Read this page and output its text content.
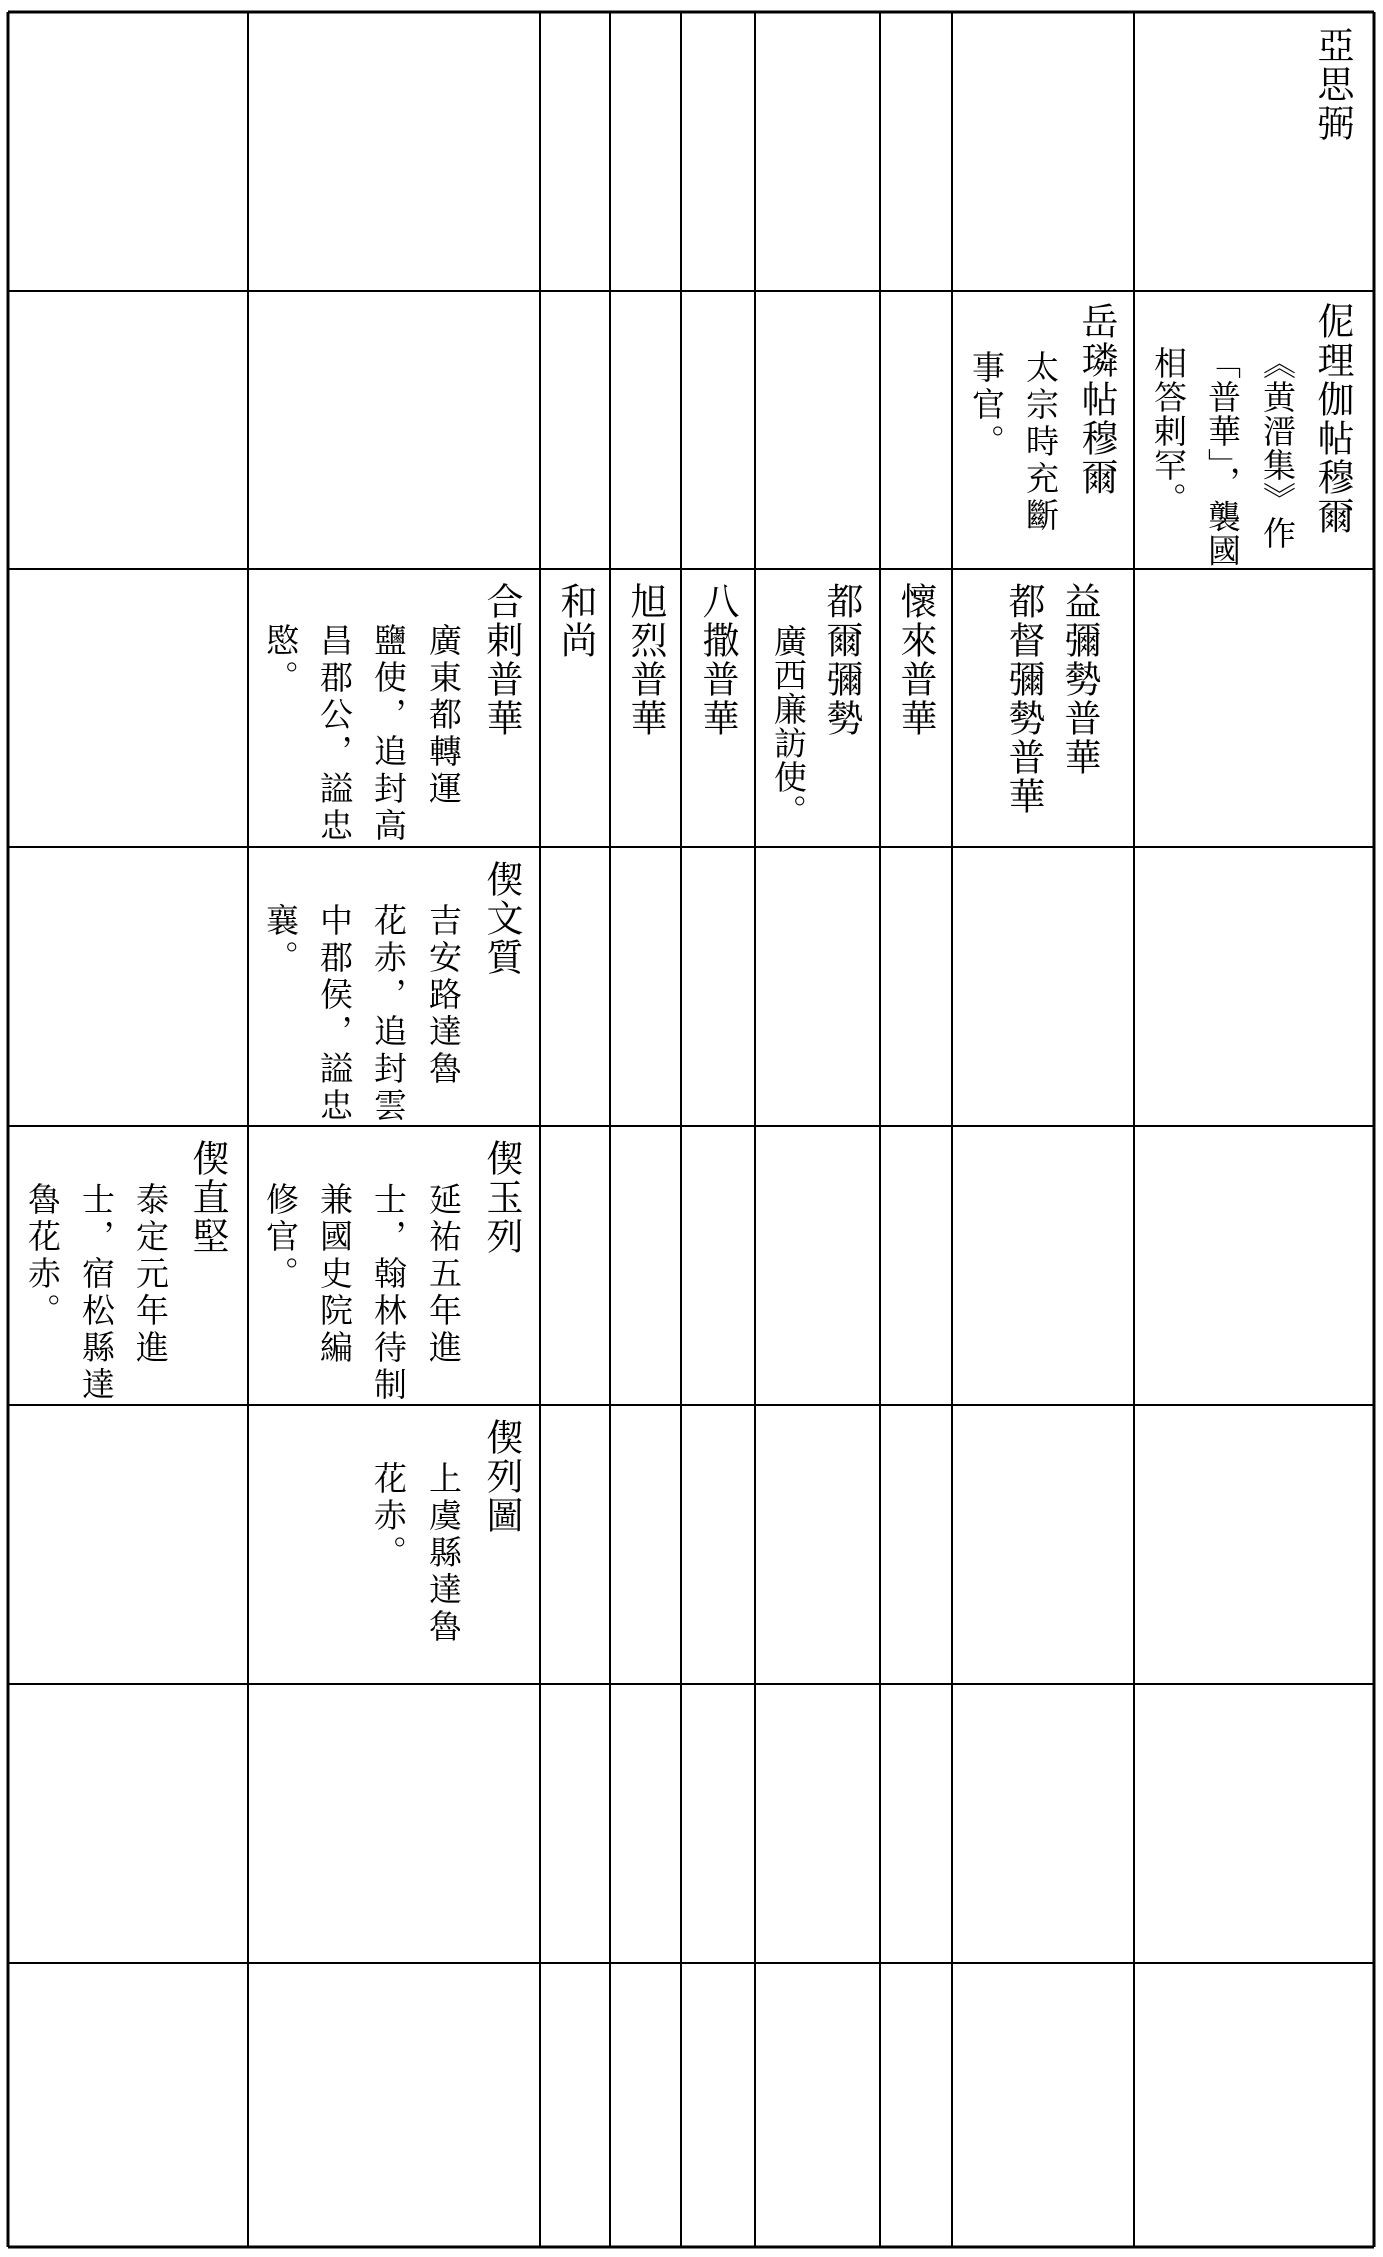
亞思弼
伲理伽帖穆爾
《黄溍集》作
「普華」，襲國
相答剌罕。
岳璘帖穆爾
太宗時充斷
事官。
益彌勢普華
都督彌勢普華
懷來普華
都爾彌勢
廣西廉訪使。
八撒普華
旭烈普華
和尚
合剌普華
廣東都轉運
鹽使，追封高
昌郡公，謚忠
愍。
偰文質
吉安路達魯
花赤，追封雲
中郡侯，謚忠
襄。
偰玉列
延祐五年進
士，翰林待制
兼國史院編
修官。
偰列圖
上虞縣達魯
花赤。
偰直堅
泰定元年進
士，宿松縣達
魯花赤。
